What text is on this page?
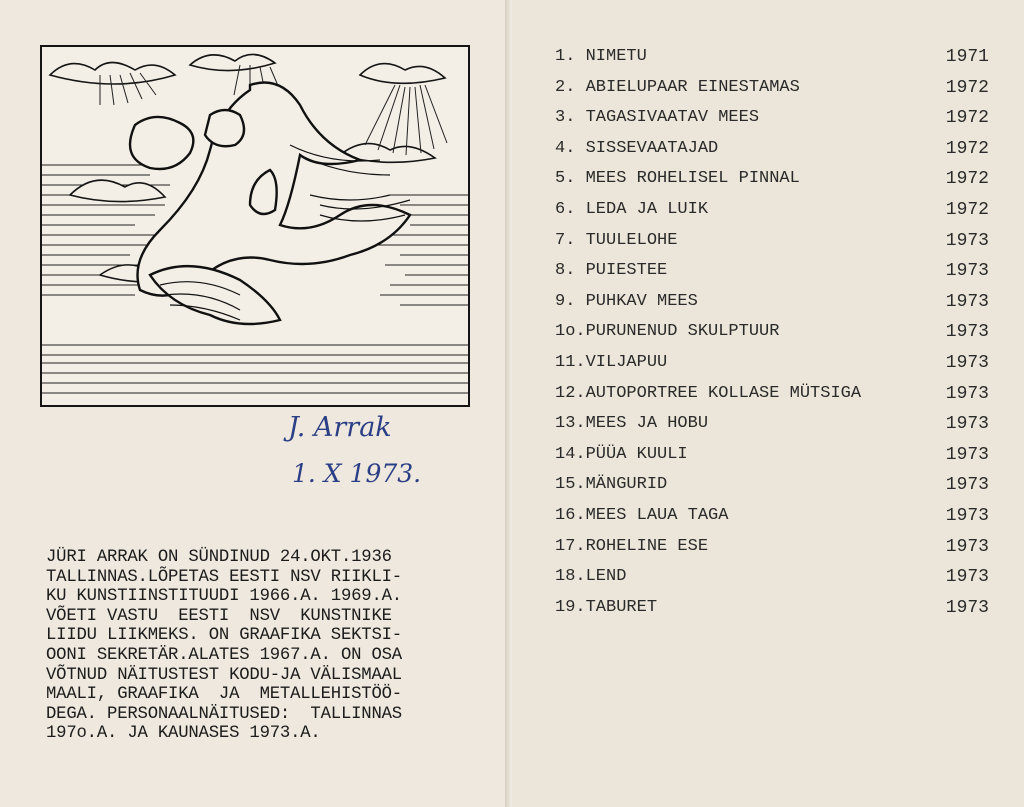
J. Arrak
1. X 1973.
JÜRI ARRAK ON SÜNDINUD 24.OKT.1936
TALLINNAS.LÕPETAS EESTI NSV RIIKLI-
KU KUNSTIINSTITUUDI 1966.A. 1969.A.
VÕETI VASTU  EESTI  NSV  KUNSTNIKE
LIIDU LIIKMEKS. ON GRAAFIKA SEKTSI-
OONI SEKRETÄR.ALATES 1967.A. ON OSA
VÕTNUD NÄITUSTEST KODU-JA VÄLISMAAL
MAALI, GRAAFIKA  JA  METALLEHISTÖÖ-
DEGA. PERSONAALNÄITUSED:  TALLINNAS
197o.A. JA KAUNASES 1973.A.
1. NIMETU	1971
2. ABIELUPAAR EINESTAMAS	1972
3. TAGASIVAATAV MEES	1972
4. SISSEVAATAJAD	1972
5. MEES ROHELISEL PINNAL	1972
6. LEDA JA LUIK	1972
7. TUULELOHE	1973
8. PUIESTEE	1973
9. PUHKAV MEES	1973
1o.PURUNENUD SKULPTUUR	1973
11.VILJAPUU	1973
12.AUTOPORTREE KOLLASE MÜTSIGA	1973
13.MEES JA HOBU	1973
14.PÜÜA KUULI	1973
15.MÄNGURID	1973
16.MEES LAUA TAGA	1973
17.ROHELINE ESE	1973
18.LEND	1973
19.TABURET	1973
